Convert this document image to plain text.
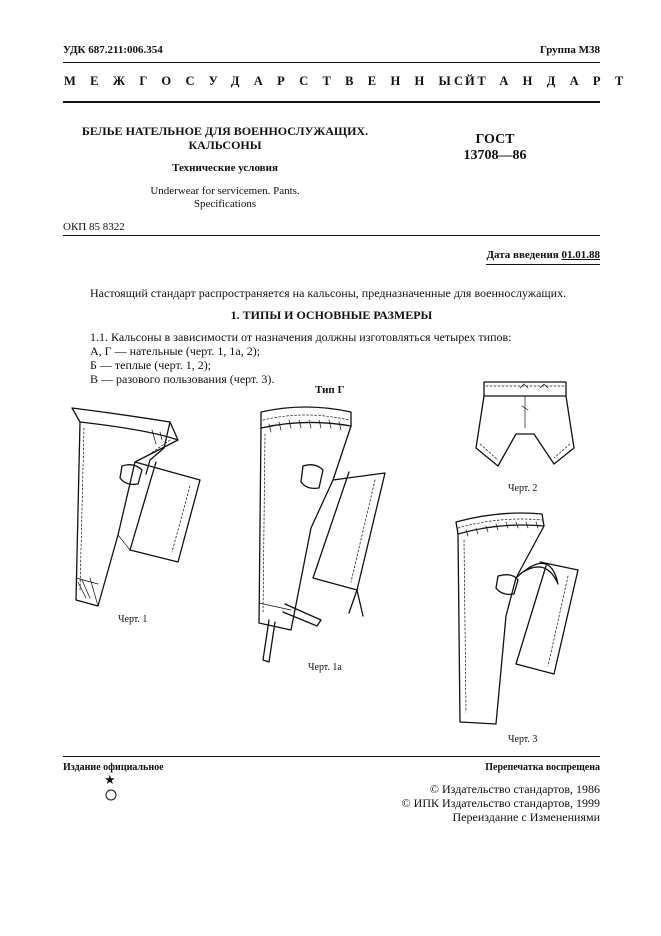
УДК 687.211:006.354	Группа М38
МЕЖГОСУДАРСТВЕННЫЙ
СТАНДАРТ
БЕЛЬЕ НАТЕЛЬНОЕ ДЛЯ ВОЕННОСЛУЖАЩИХ.
КАЛЬСОНЫ
Технические условия
Underwear for servicemen. Pants.
Specifications
ГОСТ
13708—86
ОКП 85 8322
Дата введения 01.01.88
Настоящий стандарт распространяется на кальсоны, предназначенные для военнослужащих.
1. ТИПЫ И ОСНОВНЫЕ РАЗМЕРЫ
1.1. Кальсоны в зависимости от назначения должны изготовляться четырех типов:
А, Г — нательные (черт. 1, 1а, 2);
Б — теплые (черт. 1, 2);
В — разового пользования (черт. 3).
Тип Г
Черт. 1
Черт. 1а
Черт. 2
Черт. 3
Издание официальное	Перепечатка воспрещена
★
© Издательство стандартов, 1986
© ИПК Издательство стандартов, 1999
Переиздание с Изменениями
